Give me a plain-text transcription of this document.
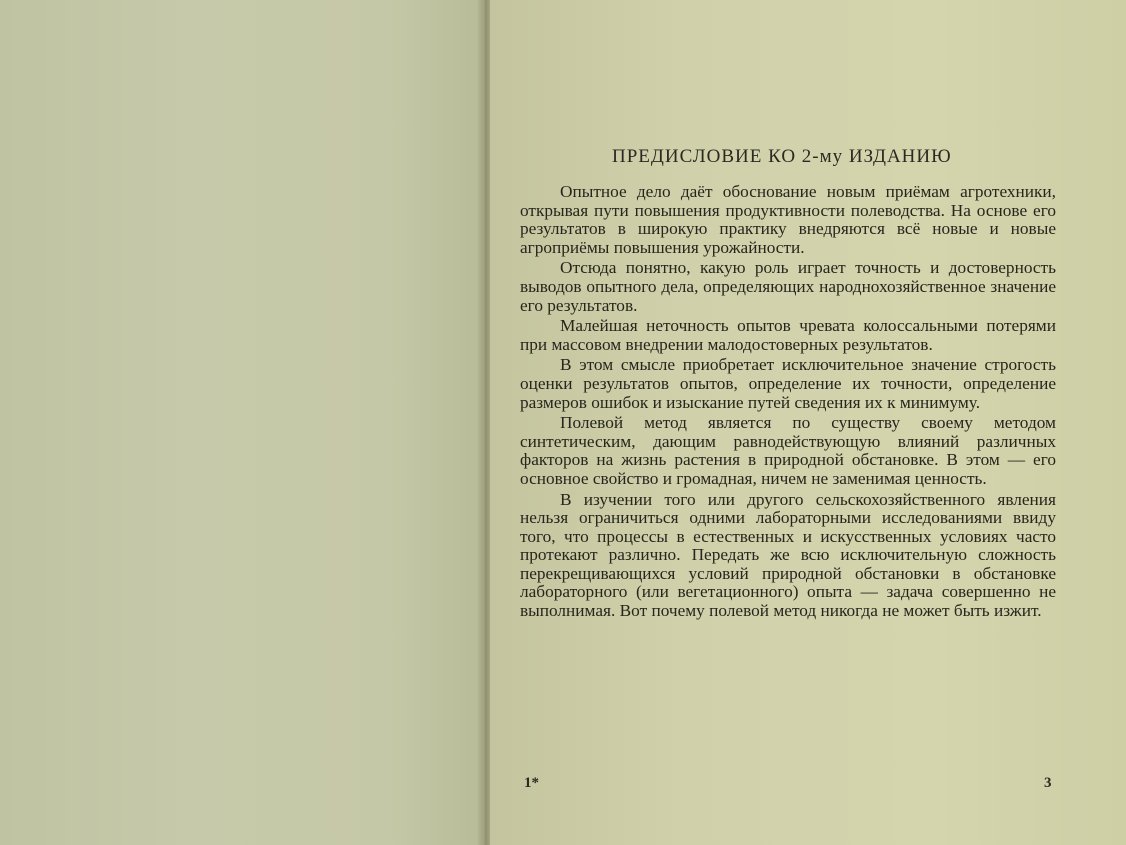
ПРЕДИСЛОВИЕ КО 2-му ИЗДАНИЮ

Опытное дело даёт обоснование новым приёмам агротехники, открывая пути повышения продуктивности полеводства. На основе его результатов в широкую практику внедряются всё новые и новые агроприёмы повышения урожайности.

Отсюда понятно, какую роль играет точность и достоверность выводов опытного дела, определяющих народнохозяйственное значение его результатов.

Малейшая неточность опытов чревата колоссальными потерями при массовом внедрении малодостоверных результатов.

В этом смысле приобретает исключительное значение строгость оценки результатов опытов, определение их точности, определение размеров ошибок и изыскание путей сведения их к минимуму.

Полевой метод является по существу своему методом синтетическим, дающим равнодействующую влияний различных факторов на жизнь растения в природной обстановке. В этом — его основное свойство и громадная, ничем не заменимая ценность.

В изучении того или другого сельскохозяйственного явления нельзя ограничиться одними лабораторными исследованиями ввиду того, что процессы в естественных и искусственных условиях часто протекают различно. Передать же всю исключительную сложность перекрещивающихся условий природной обстановки в обстановке лабораторного (или вегетационного) опыта — задача совершенно не выполнимая. Вот почему полевой метод никогда не может быть изжит.

1*	3
